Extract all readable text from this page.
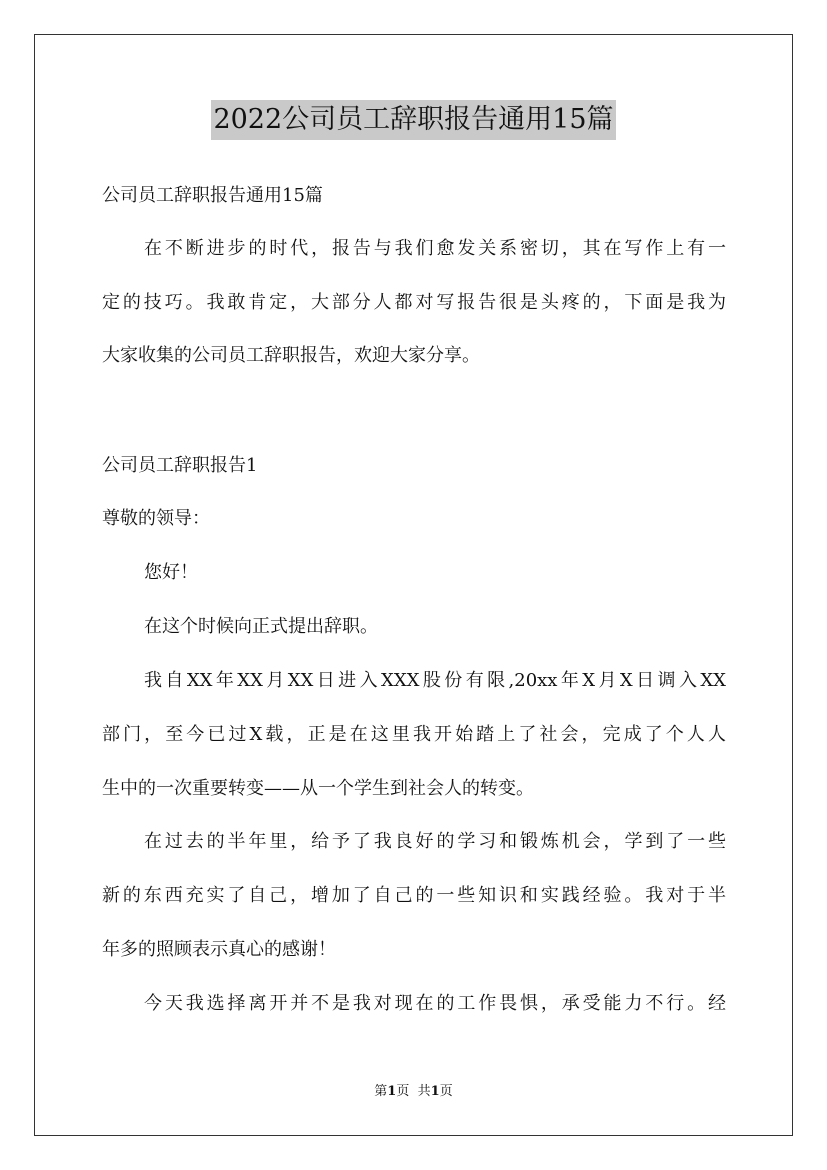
2022公司员工辞职报告通用15篇
公司员工辞职报告通用15篇
在不断进步的时代，报告与我们愈发关系密切，其在写作上有一
定的技巧。我敢肯定，大部分人都对写报告很是头疼的，下面是我为
大家收集的公司员工辞职报告，欢迎大家分享。
公司员工辞职报告1
尊敬的领导：
您好！
在这个时候向正式提出辞职。
我自XX年XX月XX日进入XXX股份有限,20xx年X月X日调入XX
部门，至今已过X载，正是在这里我开始踏上了社会，完成了个人人
生中的一次重要转变——从一个学生到社会人的转变。
在过去的半年里，给予了我良好的学习和锻炼机会，学到了一些
新的东西充实了自己，增加了自己的一些知识和实践经验。我对于半
年多的照顾表示真心的感谢！
今天我选择离开并不是我对现在的工作畏惧，承受能力不行。经
第1页 共1页
